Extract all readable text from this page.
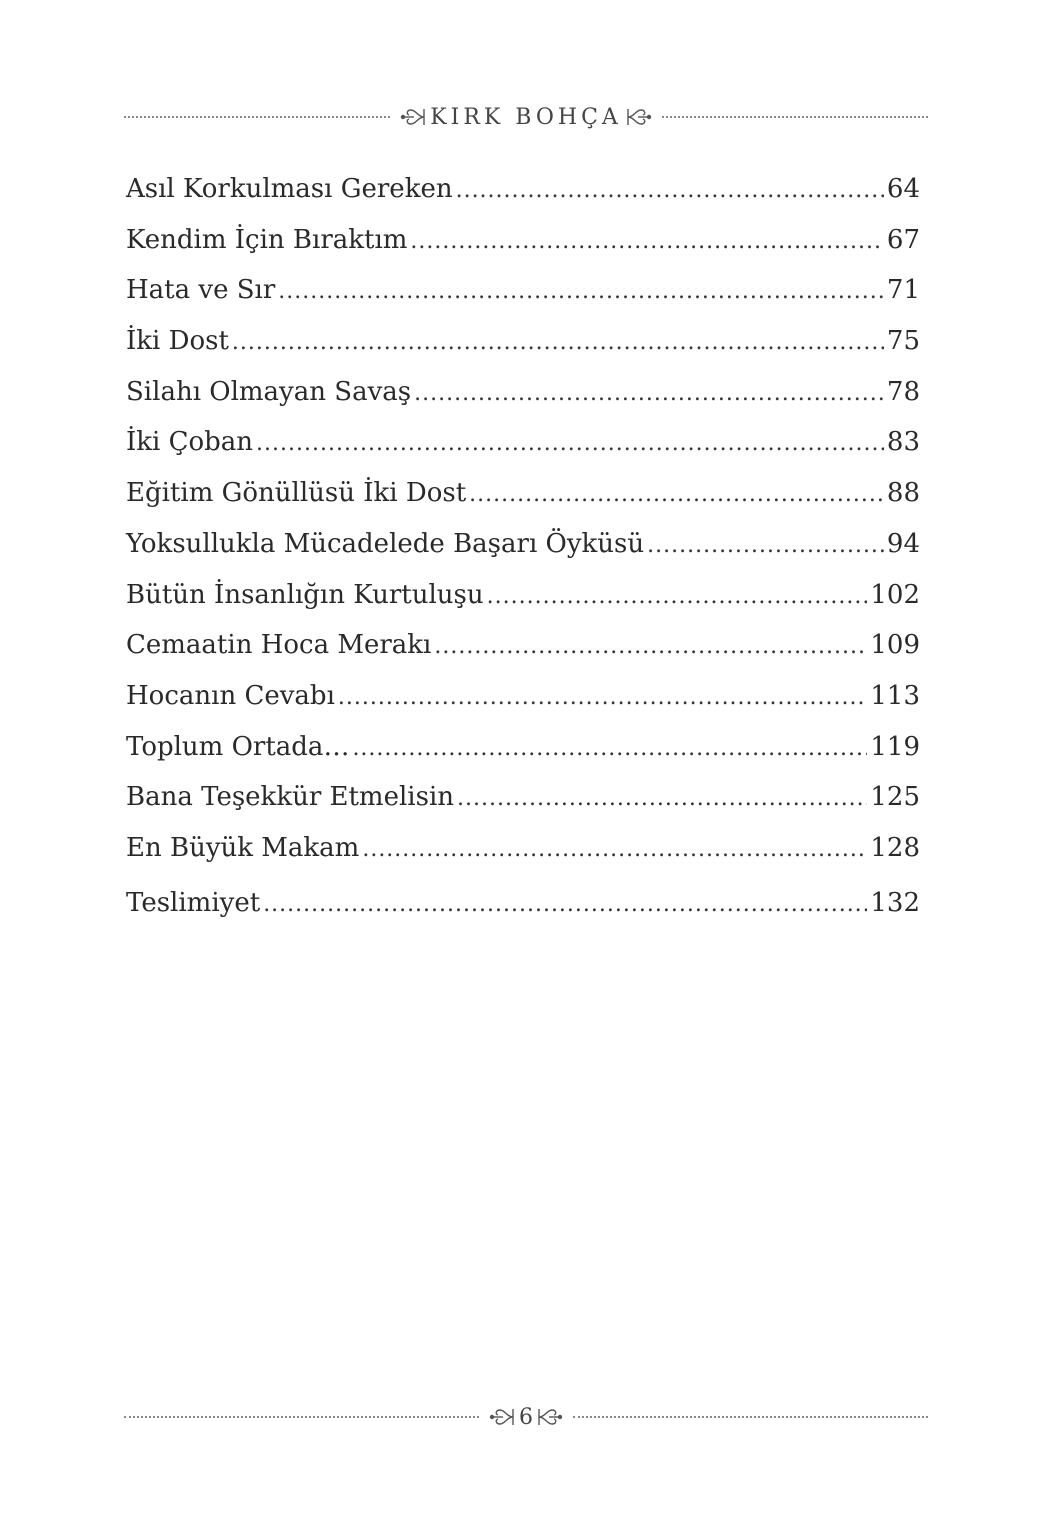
KIRK BOHÇA
Asıl Korkulması Gereken .....	64
Kendim İçin Bıraktım .....	67
Hata ve Sır .....	71
İki Dost .....	75
Silahı Olmayan Savaş .....	78
İki Çoban .....	83
Eğitim Gönüllüsü İki Dost .....	88
Yoksullukla Mücadelede Başarı Öyküsü .....	94
Bütün İnsanlığın Kurtuluşu .....	102
Cemaatin Hoca Merakı .....	109
Hocanın Cevabı .....	113
Toplum Ortada… .....	119
Bana Teşekkür Etmelisin .....	125
En Büyük Makam .....	128
Teslimiyet .....	132
6
